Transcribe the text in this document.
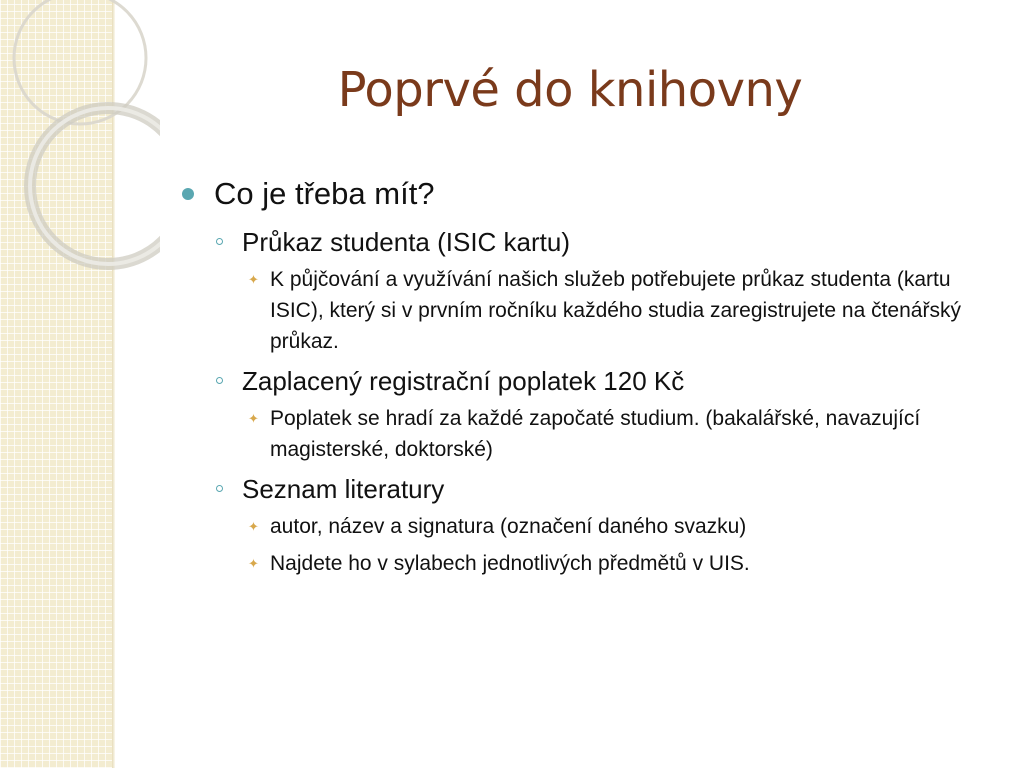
Poprvé do knihovny
Co je třeba mít?
Průkaz studenta (ISIC kartu)
✦ K půjčování a využívání našich služeb potřebujete průkaz studenta (kartu ISIC), který si v prvním ročníku každého studia zaregistrujete na čtenářský průkaz.
Zaplacený registrační poplatek 120 Kč
✦ Poplatek se hradí za každé započaté studium. (bakalářské, navazující magisterské, doktorské)
Seznam literatury
✦ autor, název a signatura (označení daného svazku)
✦ Najdete ho v sylabech jednotlivých předmětů v UIS.
